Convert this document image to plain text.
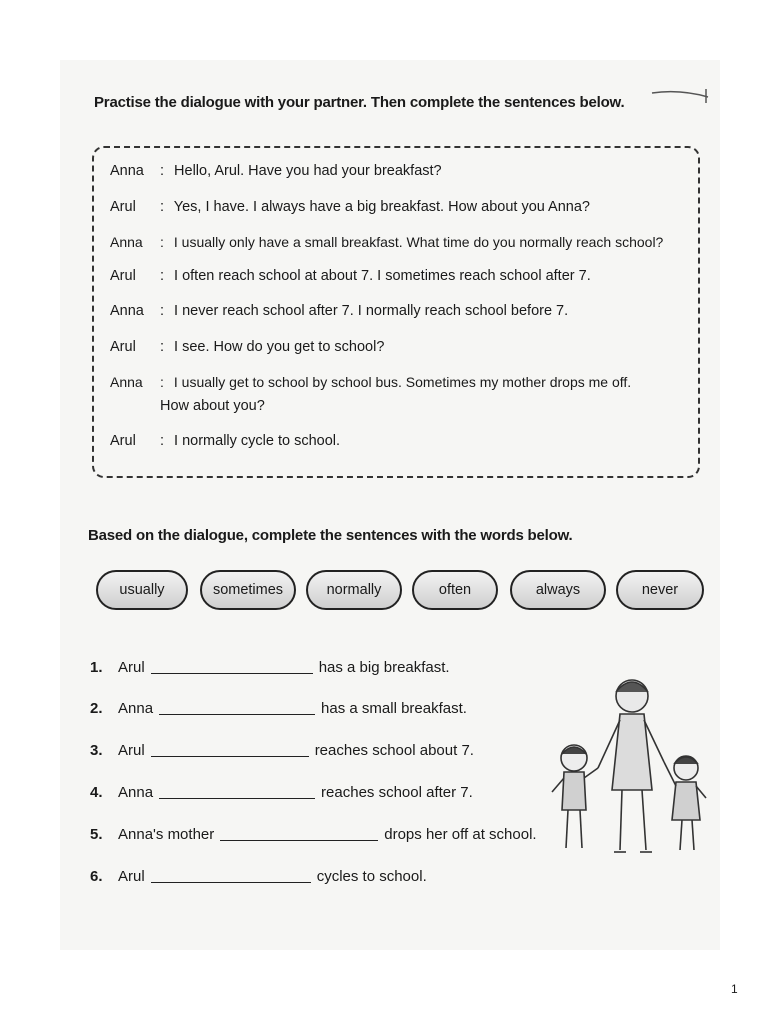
Practise the dialogue with your partner. Then complete the sentences below.
Anna : Hello, Arul. Have you had your breakfast?
Arul : Yes, I have. I always have a big breakfast. How about you Anna?
Anna : I usually only have a small breakfast. What time do you normally reach school?
Arul : I often reach school at about 7. I sometimes reach school after 7.
Anna : I never reach school after 7. I normally reach school before 7.
Arul : I see. How do you get to school?
Anna : I usually get to school by school bus. Sometimes my mother drops me off.
How about you?
Arul : I normally cycle to school.
Based on the dialogue, complete the sentences with the words below.
usually	sometimes	normally	often	always	never
1. Arul	has a big breakfast.
2. Anna	has a small breakfast.
3. Arul	reaches school about 7.
4. Anna	reaches school after 7.
5. Anna's mother	drops her off at school.
6. Arul	cycles to school.
1
